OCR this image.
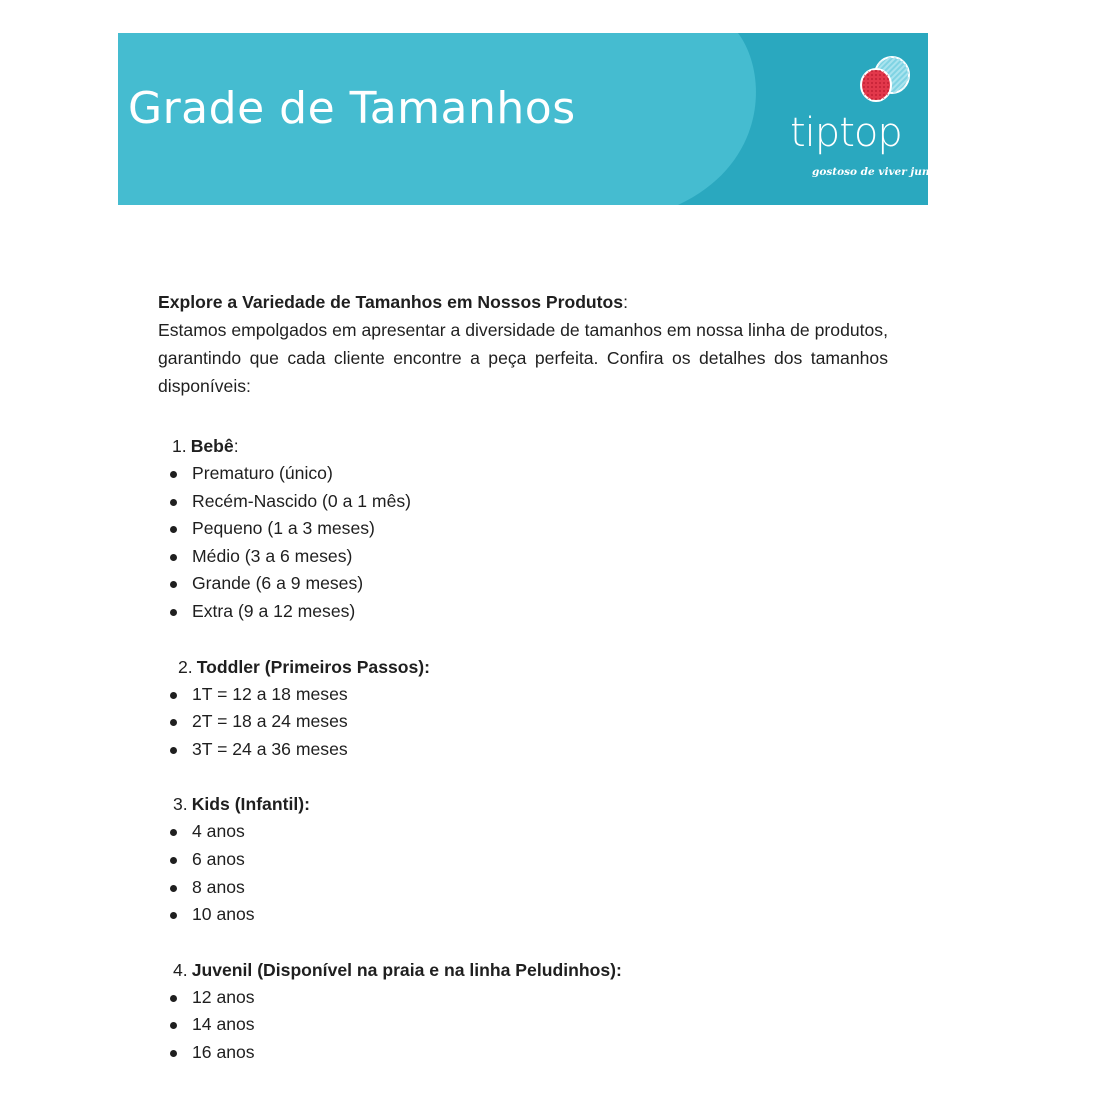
Grade de Tamanhos	tiptop
gostoso de viver junto

Explore a Variedade de Tamanhos em Nossos Produtos:

Estamos empolgados em apresentar a diversidade de tamanhos em nossa linha de produtos, garantindo que cada cliente encontre a peça perfeita. Confira os detalhes dos tamanhos disponíveis:

1. Bebê:

Prematuro (único)
Recém-Nascido (0 a 1 mês)
Pequeno (1 a 3 meses)
Médio (3 a 6 meses)
Grande (6 a 9 meses)
Extra (9 a 12 meses)

2. Toddler (Primeiros Passos):

1T = 12 a 18 meses
2T = 18 a 24 meses
3T = 24 a 36 meses

3. Kids (Infantil):

4 anos
6 anos
8 anos
10 anos

4. Juvenil (Disponível na praia e na linha Peludinhos):

12 anos
14 anos
16 anos
